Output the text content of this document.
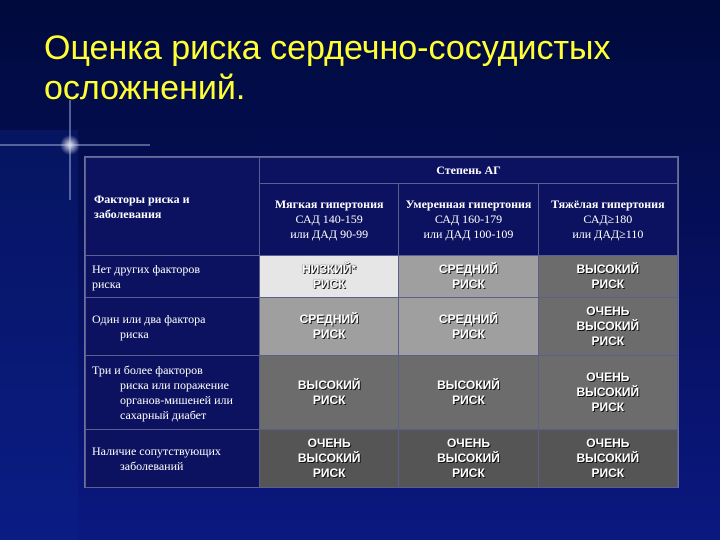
Оценка риска сердечно-сосудистых осложнений.
Факторы риска и заболевания	Степень АГ		

	Мягкая гипертония
САД 140-159
или ДАД 90-99	Умеренная гипертония
САД 160-179
или ДАД 100-109	Тяжёлая гипертония
САД≥180
или ДАД≥110

Нет других факторов
риска	НИЗКИЙ*
РИСК	СРЕДНИЙ
РИСК	ВЫСОКИЙ
РИСК

Один или два фактора
риска	СРЕДНИЙ
РИСК	СРЕДНИЙ
РИСК	ОЧЕНЬ
ВЫСОКИЙ
РИСК

Три и более факторов
риска или поражение органов-мишеней или сахарный диабет	ВЫСОКИЙ
РИСК	ВЫСОКИЙ
РИСК	ОЧЕНЬ
ВЫСОКИЙ
РИСК

Наличие сопутствующих
заболеваний	ОЧЕНЬ
ВЫСОКИЙ
РИСК	ОЧЕНЬ
ВЫСОКИЙ
РИСК	ОЧЕНЬ
ВЫСОКИЙ
РИСК
